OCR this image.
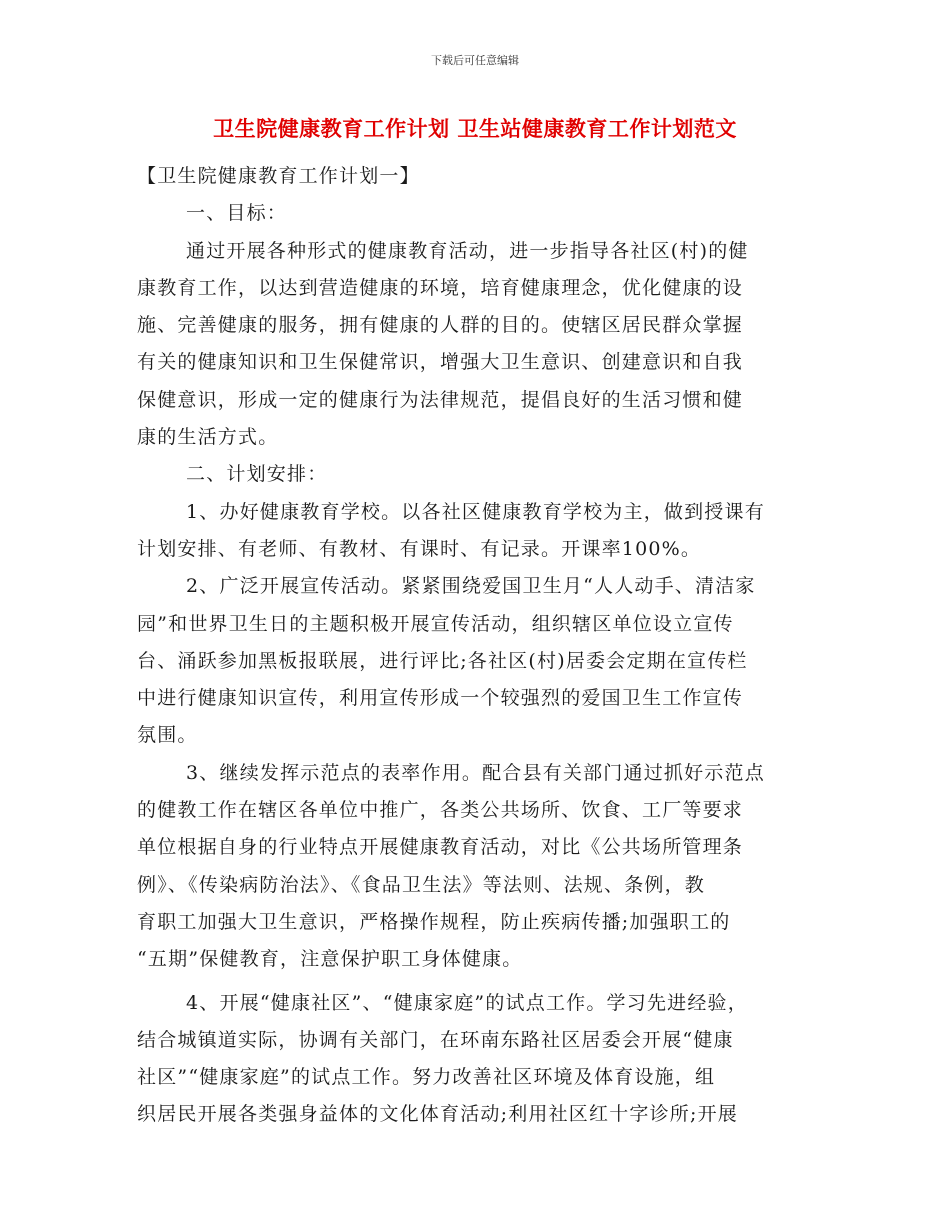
下载后可任意编辑
卫生院健康教育工作计划 卫生站健康教育工作计划范文
【卫生院健康教育工作计划一】
一、目标：
通过开展各种形式的健康教育活动，进一步指导各社区(村)的健
康教育工作，以达到营造健康的环境，培育健康理念，优化健康的设
施、完善健康的服务，拥有健康的人群的目的。使辖区居民群众掌握
有关的健康知识和卫生保健常识，增强大卫生意识、创建意识和自我
保健意识，形成一定的健康行为法律规范，提倡良好的生活习惯和健
康的生活方式。
二、计划安排：
1、办好健康教育学校。以各社区健康教育学校为主，做到授课有
计划安排、有老师、有教材、有课时、有记录。开课率100%。
2、广泛开展宣传活动。紧紧围绕爱国卫生月“人人动手、清洁家
园”和世界卫生日的主题积极开展宣传活动，组织辖区单位设立宣传
台、涌跃参加黑板报联展，进行评比;各社区(村)居委会定期在宣传栏
中进行健康知识宣传，利用宣传形成一个较强烈的爱国卫生工作宣传
氛围。
3、继续发挥示范点的表率作用。配合县有关部门通过抓好示范点
的健教工作在辖区各单位中推广，各类公共场所、饮食、工厂等要求
单位根据自身的行业特点开展健康教育活动，对比《公共场所管理条
例》、《传染病防治法》、《食品卫生法》等法则、法规、条例，教
育职工加强大卫生意识，严格操作规程，防止疾病传播;加强职工的
“五期”保健教育，注意保护职工身体健康。
4、开展“健康社区”、“健康家庭”的试点工作。学习先进经验，
结合城镇道实际，协调有关部门，在环南东路社区居委会开展“健康
社区”“健康家庭”的试点工作。努力改善社区环境及体育设施，组
织居民开展各类强身益体的文化体育活动;利用社区红十字诊所;开展
